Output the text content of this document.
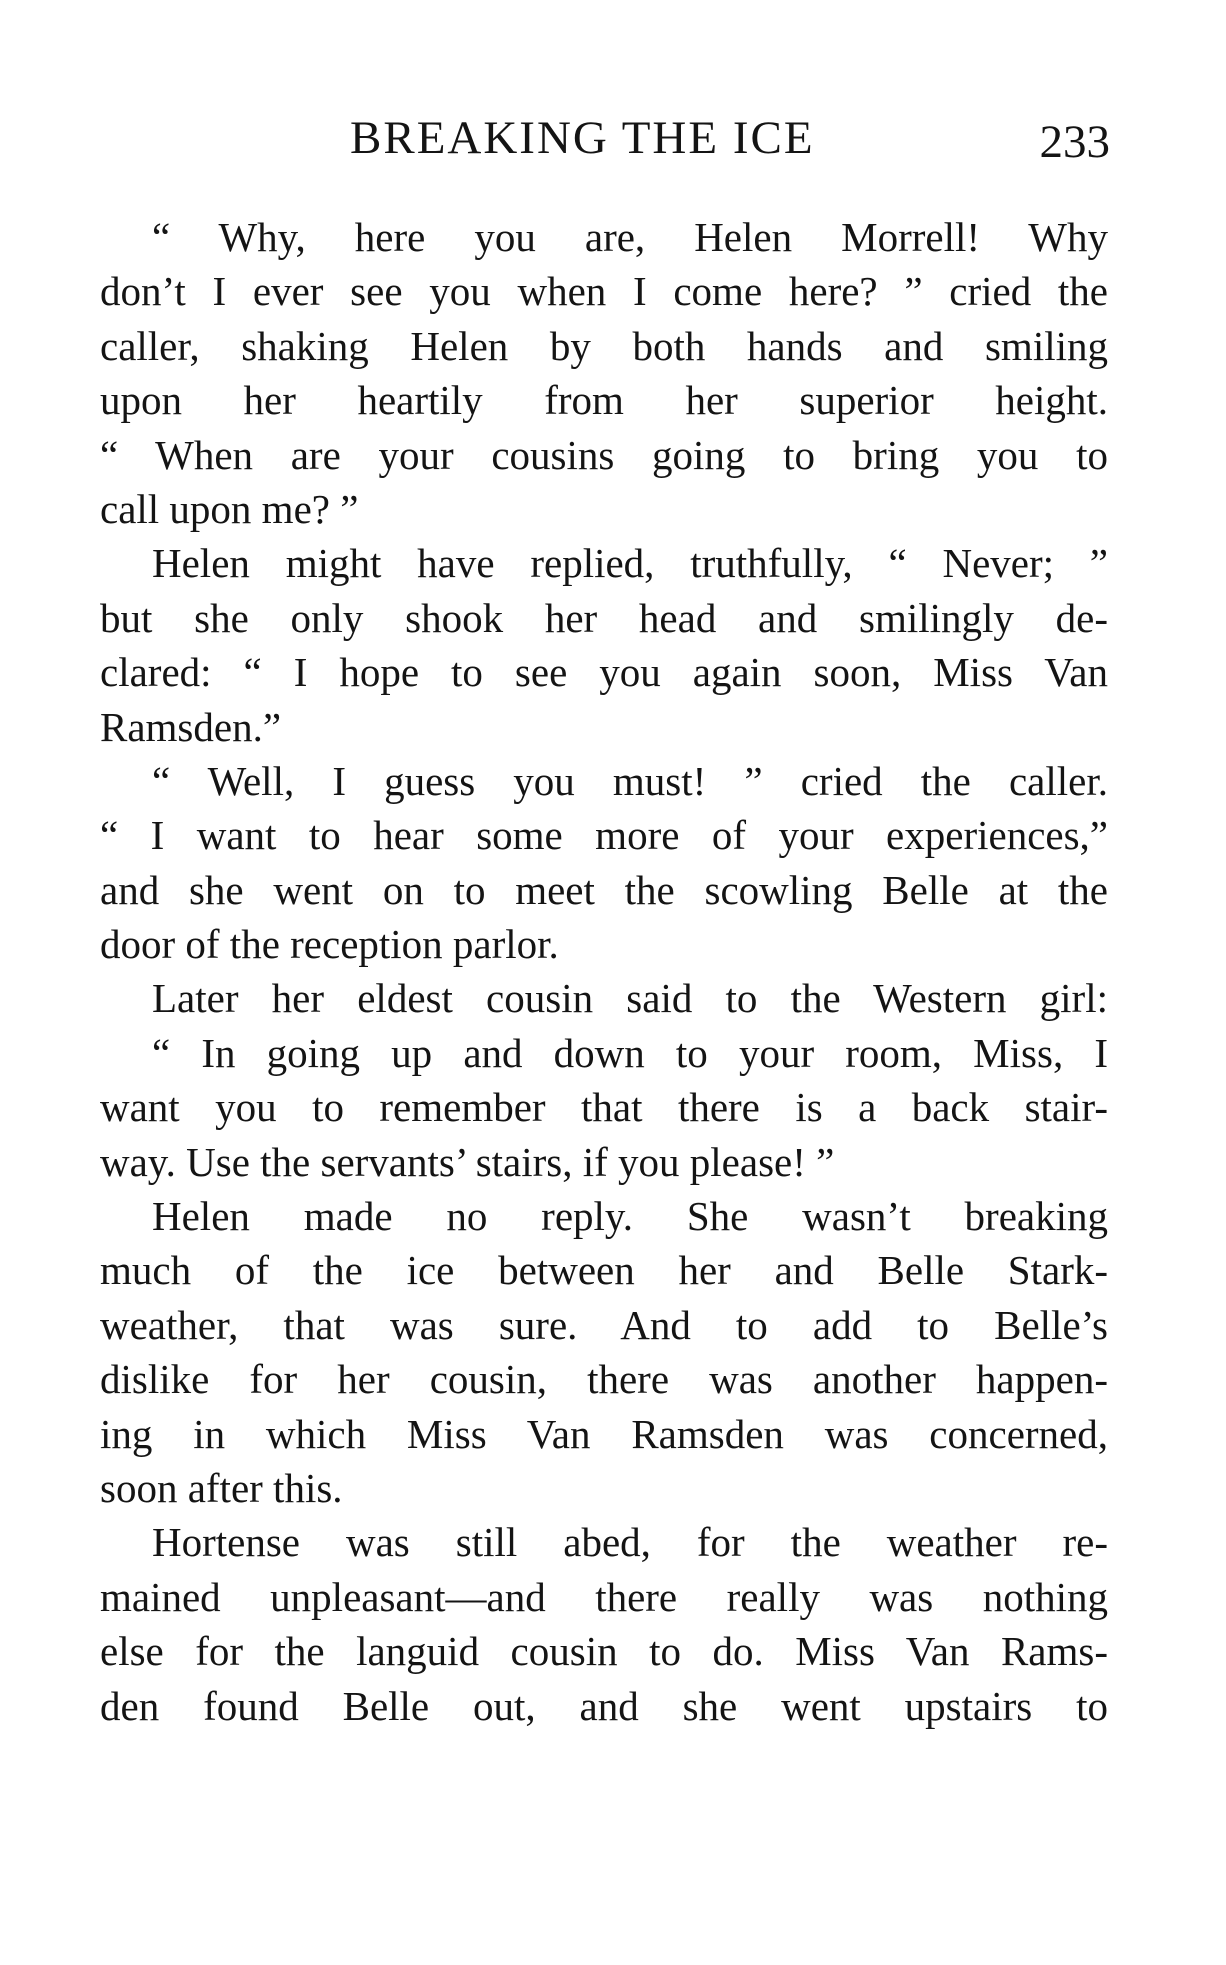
BREAKING THE ICE	233
“ Why, here you are, Helen Morrell! Why
don’t I ever see you when I come here? ” cried the
caller, shaking Helen by both hands and smiling
upon her heartily from her superior height.
“ When are your cousins going to bring you to
call upon me? ”
Helen might have replied, truthfully, “ Never; ”
but she only shook her head and smilingly de-
clared: “ I hope to see you again soon, Miss Van
Ramsden.”
“ Well, I guess you must! ” cried the caller.
“ I want to hear some more of your experiences,”
and she went on to meet the scowling Belle at the
door of the reception parlor.
Later her eldest cousin said to the Western girl:
“ In going up and down to your room, Miss, I
want you to remember that there is a back stair-
way. Use the servants’ stairs, if you please! ”
Helen made no reply. She wasn’t breaking
much of the ice between her and Belle Stark-
weather, that was sure. And to add to Belle’s
dislike for her cousin, there was another happen-
ing in which Miss Van Ramsden was concerned,
soon after this.
Hortense was still abed, for the weather re-
mained unpleasant—and there really was nothing
else for the languid cousin to do. Miss Van Rams-
den found Belle out, and she went upstairs to
